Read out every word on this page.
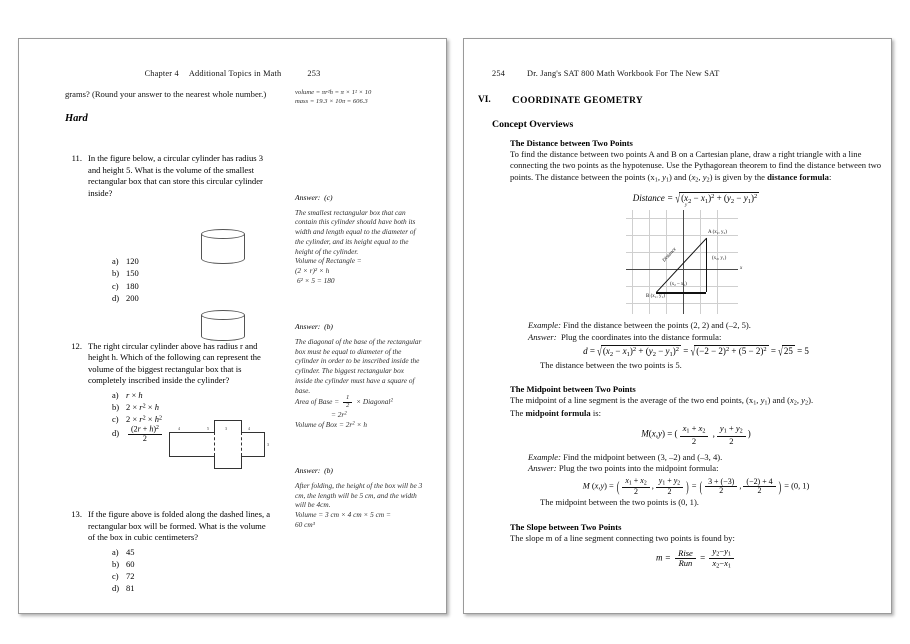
Chapter 4 Additional Topics in Math	253
grams? (Round your answer to the nearest whole number.)
Hard
11. In the figure below, a circular cylinder has radius 3 and height 5. What is the volume of the smallest rectangular box that can store this circular cylinder inside?
a) 120
b) 150
c) 180
d) 200
12. The right circular cylinder above has radius r and height h. Which of the following can represent the volume of the biggest rectangular box that is completely inscribed inside the cylinder?
a) r × h
b) $2 \times r^2 \times h$
c) $2 \times r^2 \times h^2$
$d) \frac{(2r + h)^2}{2}$
13. If the figure above is folded along the dashed lines, a rectangular box will be formed. What is the volume of the box in cubic centimeters?
a) 45
b) 60
c) 72
d) 81
volume = πr²h = π × 1² × 10
mass = 19.3 × 10π = 606.3
Answer: (c)
The smallest rectangular box that can contain this cylinder should have both its width and length equal to the diameter of the cylinder, and its height equal to the height of the cylinder.
Volume of Rectangle =
(2 × r)² × h
6² × 5 = 180
Answer: (b)
The diagonal of the base of the rectangular box must be equal to diameter of the cylinder in order to be inscribed inside the cylinder. The biggest rectangular box inside the cylinder must have a square of base.
Area of Base = $\frac{1}{2}$ × Diagonal$^2$
= $2r^2$
Volume of Box = $2r^2 \times h$
Answer: (b)
After folding, the height of the box will be 3 cm, the length will be 5 cm, and the width will be 4cm.
Volume = 3 cm × 4 cm × 5 cm =
60 cm³
4	5	3	4
3
254	Dr. Jang's SAT 800 Math Workbook For The New SAT
VI. COORDINATE GEOMETRY
Concept Overviews
The Distance between Two Points
To find the distance between two points A and B on a Cartesian plane, draw a right triangle with a line connecting the two points as the hypotenuse. Use the Pythagorean theorem to find the distance between two points. The distance between the points ($x_1$, $y_1$) and ($x_2$, $y_2$) is given by the distance formula:
Distance = $√(x_2 - x_1)^2 + (y_2 - y_1)^2$
A (x₂, y₂)
B (x₁, y₁)
(x₂, y₁)
(x₂ – x₁)
Distance
x
y
Example: Find the distance between the points (2, 2) and (–2, 5).
Answer: Plug the coordinates into the distance formula:
$d = √(x_2 - x_1)^2 + (y_2 - y_1)^2 = √(-2 - 2)^2 + (5 - 2)^2 = √25 = 5$
The distance between the two points is 5.
The Midpoint between Two Points
The midpoint of a line segment is the average of the two end points, ($x_1$, $y_1$) and ($x_2$, $y_2$).
The midpoint formula is:
M(x,y) = ( $\frac{x_1 + x_2}{2}$ , $\frac{y_1 + y_2}{2}$ )
Example: Find the midpoint between (3, –2) and (–3, 4).
Answer: Plug the two points into the midpoint formula:
M (x,y) = ( $\frac{x_1 + x_2}{2}$ , $\frac{y_1 + y_2}{2}$ ) = ( $\frac{3 + (-3)}{2}$ , $\frac{(-2) + 4}{2}$ ) = (0, 1)
The midpoint between the two points is (0, 1).
The Slope between Two Points
The slope m of a line segment connecting two points is found by:
$m = \frac{\text{Rise}}{\text{Run}} = \frac{y_2-y_1}{x_2-x_1}$
